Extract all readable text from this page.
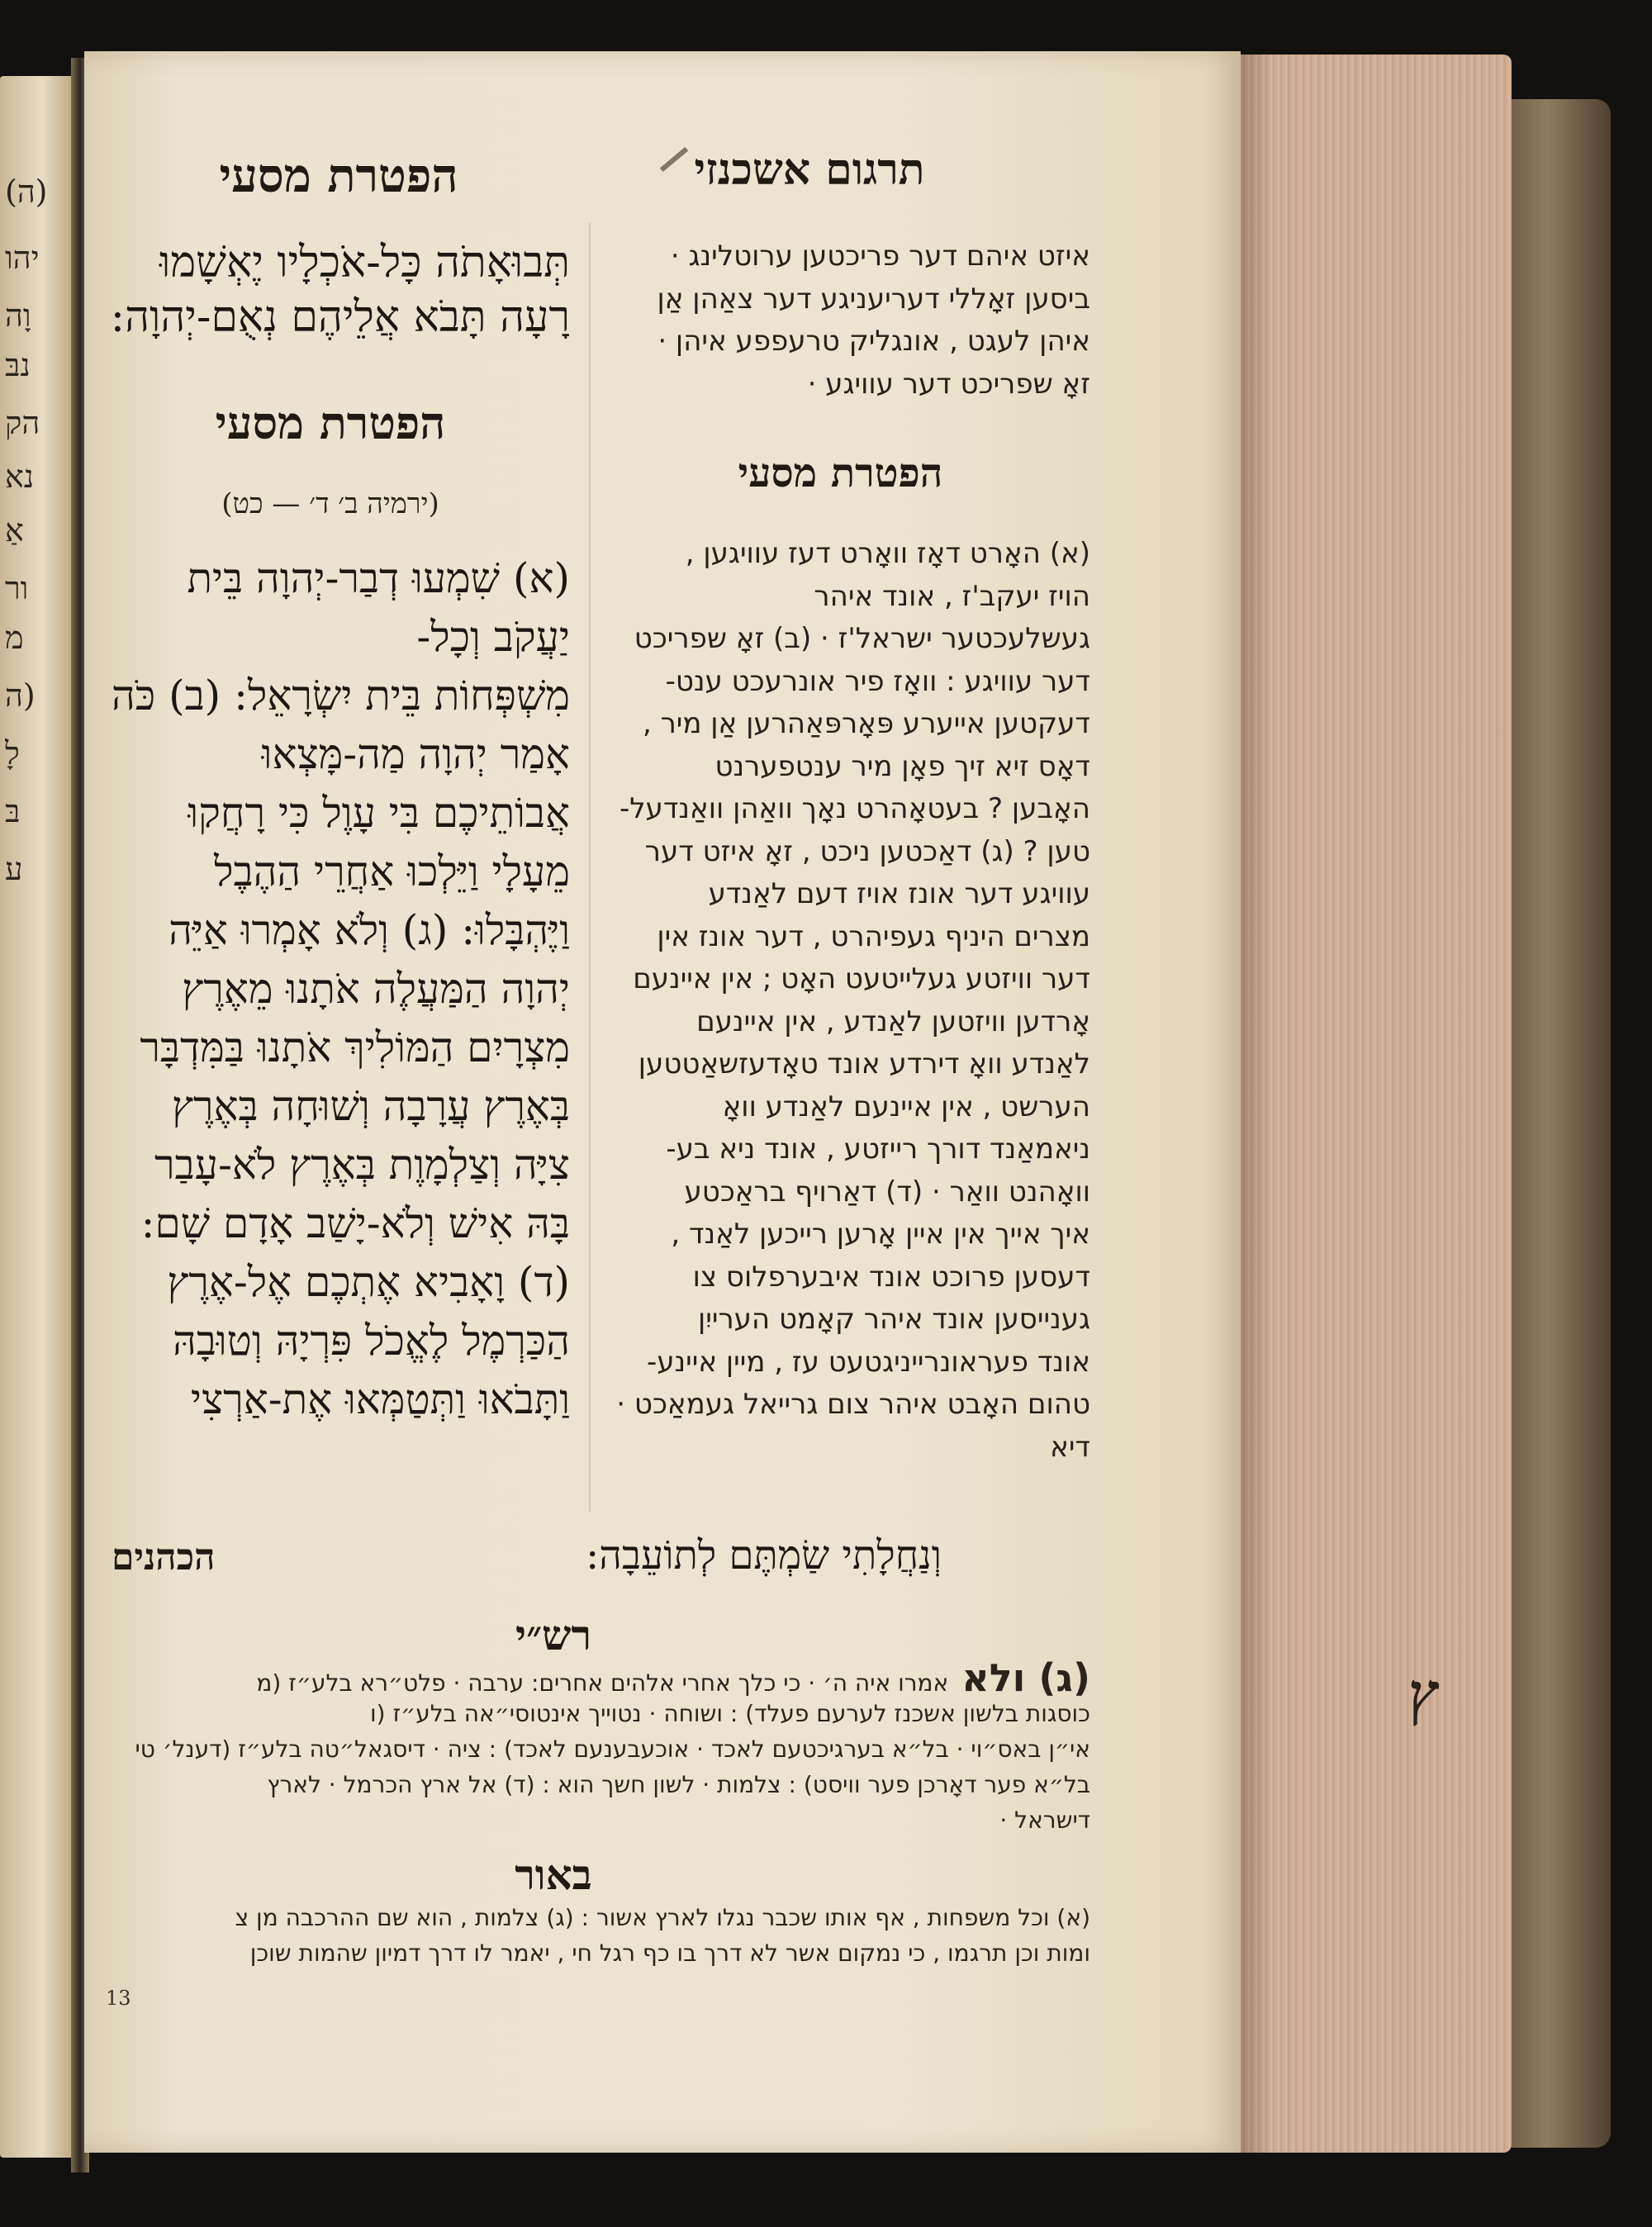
(ה)
יהו
וָה
נבּ
הק
נא
אַ
ור
מ
(ה
לָ
בּ
ע
ץ
תרגום אשכנזי
הפטרת מסעי
איזט איהם דער פריכטען ערוטלינג ·
ביסען זאָללי דעריעניגע דער צאַהן אַן
איהן לעגט , אונגליק טרעפפע איהן ·
זאָ שפריכט דער עוויגע ·
הפטרת מסעי
(א) האָרט דאָז וואָרט דעז עוויגען ,
הויז יעקב'ז , אונד איהר
געשלעכטער ישראל'ז · (ב) זאָ שפריכט
דער עוויגע : וואָז פיר אונרעכט ענט-
דעקטען אייערע פּאָרפּאַהרען אַן מיר ,
דאָס זיא זיך פאָן מיר ענטפערנט
האָבען ? בעטאָהרט נאָך וואַהן וואַנדעל-
טען ? (ג) דאַכטען ניכט , זאָ איזט דער
עוויגע דער אונז אויז דעם לאַנדע
מצרים היניף געפיהרט , דער אונז אין
דער וויזטע געלייטעט האָט ; אין איינעם
אָרדען וויזטען לאַנדע , אין איינעם
לאַנדע וואָ דירדע אונד טאָדעזשאַטטען
הערשט , אין איינעם לאַנדע וואָ
ניאמאַנד דורך רייזטע , אונד ניא בע-
וואָהנט וואַר · (ד) דאַרויף בראַכטע
איך אייך אין איין אָרען רייכען לאַנד ,
דעסען פרוכט אונד איבערפלוס צו
גענייסען אונד איהר קאָמט הערייִן
אונד פעראונרייניגטעט עז , מיין איינע-
טהום האָבט איהר צום גרייאל געמאַכט ·
דיא
תְּבוּאָתֹה כָּל-אֹכְלָיו יֶאְשָׁמוּ
רָעָה תָּבֹא אֲלֵיהֶם נְאֻם-יְהוָה:
הפטרת מסעי
(ירמיה ב׳ ד׳ — כט)
(א) שִׁמְעוּ דְבַר-יְהוָה בֵּית
יַעֲקֹב וְכָל-
מִשְׁפְּחוֹת בֵּית יִשְׂרָאֵל: (ב) כֹּה
אָמַר יְהוָה מַה-מָּצְאוּ
אֲבוֹתֵיכֶם בִּי עָוֶל כִּי רָחֲקוּ
מֵעָלָי וַיֵּלְכוּ אַחֲרֵי הַהֶבֶל
וַיֶּהְבָּלוּ: (ג) וְלֹא אָמְרוּ אַיֵּה
יְהוָה הַמַּעֲלֶה אֹתָנוּ מֵאֶרֶץ
מִצְרָיִם הַמּוֹלִיךְ אֹתָנוּ בַּמִּדְבָּר
בְּאֶרֶץ עֲרָבָה וְשׁוּחָה בְּאֶרֶץ
צִיָּה וְצַלְמָוֶת בְּאֶרֶץ לֹא-עָבַר
בָּהּ אִישׁ וְלֹא-יָשַׁב אָדָם שָׁם:
(ד) וָאָבִיא אֶתְכֶם אֶל-אֶרֶץ
הַכַּרְמֶל לֶאֱכֹל פִּרְיָהּ וְטוּבָהּ
וַתָּבֹאוּ וַתְּטַמְּאוּ אֶת-אַרְצִי
וְנַחֲלָתִי שַׂמְתֶּם לְתוֹעֵבָה:
הכהנים
רש״י
(ג) ולא אמרו איה ה׳ · כי כלך אחרי אלהים אחרים: ערבה · פלט״רא בלע״ז (מ
כוסגות בלשון אשכנז לערעם פעלד) : ושוחה · נטוייך אינטוסי״אה בלע״ז (ו
אי״ן באס״וי · בל״א בערגיכטעם לאכד · אוכעבענעם לאכד) : ציה · דיסגאל״טה בלע״ז (דענל׳ טי
בל״א פער דאָרכן פער וויסט) : צלמות · לשון חשך הוא : (ד) אל ארץ הכרמל · לארץ
דישראל ·
באור
(א) וכל משפחות , אף אותו שכבר נגלו לארץ אשור : (ג) צלמות , הוא שם ההרכבה מן צ
ומות וכן תרגמו , כי נמקום אשר לא דרך בו כף רגל חי , יאמר לו דרך דמיון שהמות שוכן
13
